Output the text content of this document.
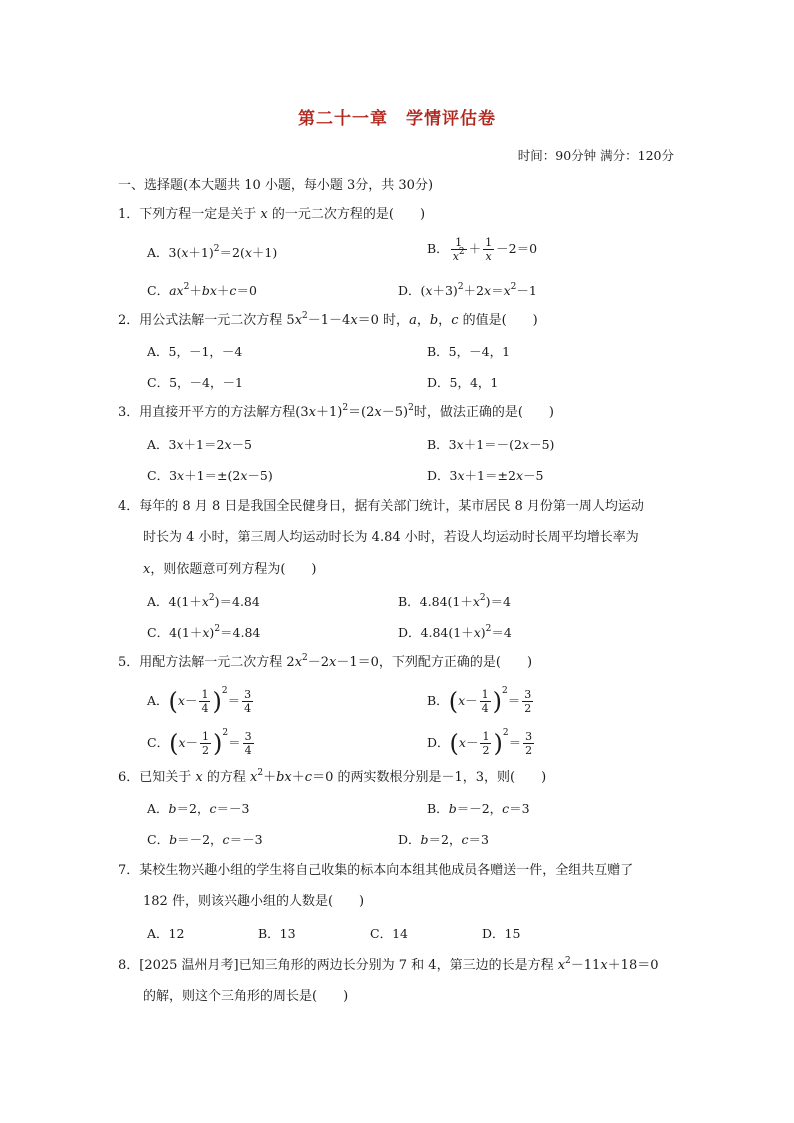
第二十一章　学情评估卷
时间：90分钟 满分：120分
一、选择题(本大题共 10 小题，每小题 3分，共 30分)
1．下列方程一定是关于 x 的一元二次方程的是(　　)
A．$3(x+1)^2=2(x+1)$	B． $\frac{1}{x^2} + \frac{1}{x} -2=0$
C．$ax^2+bx+c=0$	D．$(x+3)^2+2x=x^2-1$
2．用公式法解一元二次方程 $5x^2-1-4x=0$ 时，a，b，c 的值是(　　)
A．5，－1，－4	B．5，－4，1
C．5，－4，－1	D．5，4，1
3．用直接开平方的方法解方程$(3x+1)^2=(2x-5)^2$时，做法正确的是(　　)
A．3x＋1＝2x－5	B．3x＋1＝－(2x－5)
C．3x＋1＝±(2x－5)	D．3x＋1＝±2x－5
4．每年的 8 月 8 日是我国全民健身日，据有关部门统计，某市居民 8 月份第一周人均运动
时长为 4 小时，第三周人均运动时长为 4.84 小时，若设人均运动时长周平均增长率为
x，则依题意可列方程为(　　)
A．$4(1+x^2)=4.84$	B．$4.84(1+x^2)=4$
C．$4(1+x)^2=4.84$	D．$4.84(1+x)^2=4$
5．用配方法解一元二次方程 $2x^2-2x-1=0$，下列配方正确的是(　　)
A．$(x- \frac{1}{4} )^2= \frac{3}{4}$	B．$(x- \frac{1}{4} )^2= \frac{3}{2}$
C．$(x- \frac{1}{2} )^2= \frac{3}{4}$	D．$(x- \frac{1}{2} )^2= \frac{3}{2}$
6．已知关于 x 的方程 $x^2+bx+c=0$ 的两实数根分别是－1，3，则(　　)
A．b＝2，c＝－3	B．b＝－2，c＝3
C．b＝－2，c＝－3	D．b＝2，c＝3
7．某校生物兴趣小组的学生将自己收集的标本向本组其他成员各赠送一件，全组共互赠了
182 件，则该兴趣小组的人数是(　　)
A．12	B．13	C．14	D．15
8．[2025 温州月考]已知三角形的两边长分别为 7 和 4，第三边的长是方程 $x^2-11x+18=0$
的解，则这个三角形的周长是(　　)
